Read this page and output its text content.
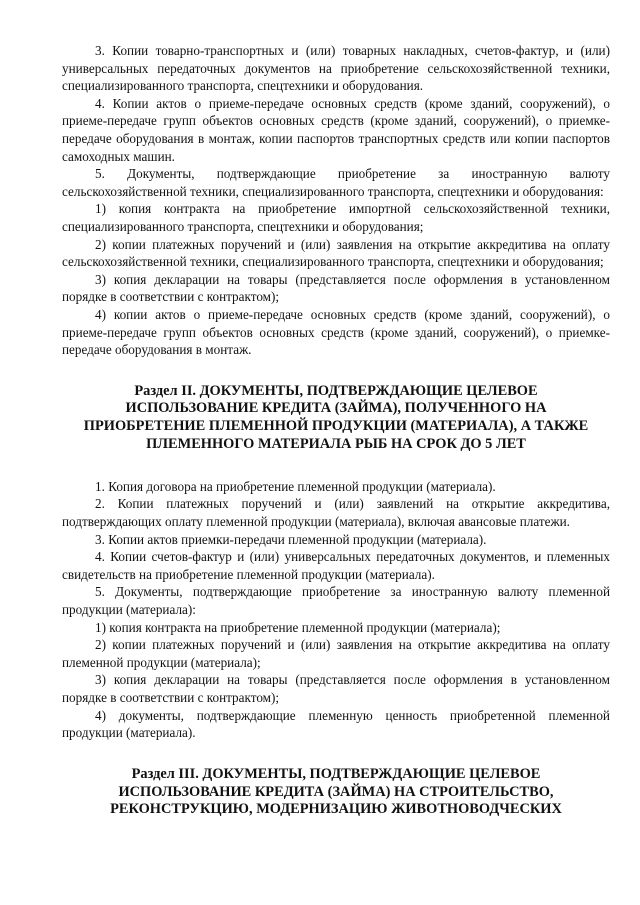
3. Копии товарно-транспортных и (или) товарных накладных, счетов-фактур, и (или) универсальных передаточных документов на приобретение сельскохозяйственной техники, специализированного транспорта, спецтехники и оборудования.

4. Копии актов о приеме-передаче основных средств (кроме зданий, сооружений), о приеме-передаче групп объектов основных средств (кроме зданий, сооружений), о приемке-передаче оборудования в монтаж, копии паспортов транспортных средств или копии паспортов самоходных машин.

5. Документы, подтверждающие приобретение за иностранную валюту сельскохозяйственной техники, специализированного транспорта, спецтехники и оборудования:

1) копия контракта на приобретение импортной сельскохозяйственной техники, специализированного транспорта, спецтехники и оборудования;

2) копии платежных поручений и (или) заявления на открытие аккредитива на оплату сельскохозяйственной техники, специализированного транспорта, спецтехники и оборудования;

3) копия декларации на товары (представляется после оформления в установленном порядке в соответствии с контрактом);

4) копии актов о приеме-передаче основных средств (кроме зданий, сооружений), о приеме-передаче групп объектов основных средств (кроме зданий, сооружений), о приемке-передаче оборудования в монтаж.

Раздел II. ДОКУМЕНТЫ, ПОДТВЕРЖДАЮЩИЕ ЦЕЛЕВОЕ ИСПОЛЬЗОВАНИЕ КРЕДИТА (ЗАЙМА), ПОЛУЧЕННОГО НА ПРИОБРЕТЕНИЕ ПЛЕМЕННОЙ ПРОДУКЦИИ (МАТЕРИАЛА), А ТАКЖЕ ПЛЕМЕННОГО МАТЕРИАЛА РЫБ НА СРОК ДО 5 ЛЕТ

1. Копия договора на приобретение племенной продукции (материала).

2. Копии платежных поручений и (или) заявлений на открытие аккредитива, подтверждающих оплату племенной продукции (материала), включая авансовые платежи.

3. Копии актов приемки-передачи племенной продукции (материала).

4. Копии счетов-фактур и (или) универсальных передаточных документов, и племенных свидетельств на приобретение племенной продукции (материала).

5. Документы, подтверждающие приобретение за иностранную валюту племенной продукции (материала):

1) копия контракта на приобретение племенной продукции (материала);

2) копии платежных поручений и (или) заявления на открытие аккредитива на оплату племенной продукции (материала);

3) копия декларации на товары (представляется после оформления в установленном порядке в соответствии с контрактом);

4) документы, подтверждающие племенную ценность приобретенной племенной продукции (материала).

Раздел III. ДОКУМЕНТЫ, ПОДТВЕРЖДАЮЩИЕ ЦЕЛЕВОЕ ИСПОЛЬЗОВАНИЕ КРЕДИТА (ЗАЙМА) НА СТРОИТЕЛЬСТВО, РЕКОНСТРУКЦИЮ, МОДЕРНИЗАЦИЮ ЖИВОТНОВОДЧЕСКИХ
